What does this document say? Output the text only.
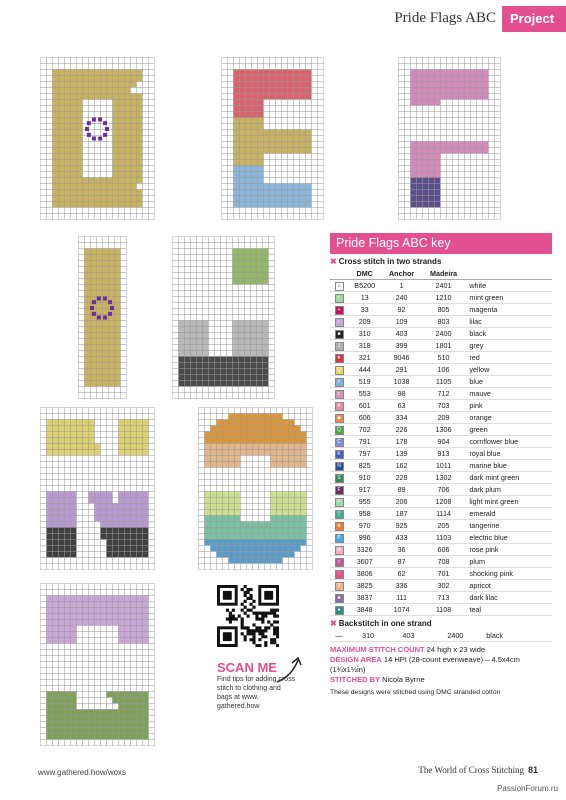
Pride Flags ABC	Project
Pride Flags ABC key
✖ Cross stitch in two strands
	DMC	Anchor	Madeira	
∩	B5200	1	2401	white
r	13	240	1210	mint green
+	33	92	805	magenta
÷	209	109	803	lilac
■	310	403	2400	black
J	318	399	1801	grey
♥	321	9046	510	red
Q	444	291	106	yellow
t	519	1038	1105	blue
c	553	98	712	mauve
K	601	63	703	pink
◆	606	334	209	orange
Q	702	226	1306	green
C	791	178	904	cornflower blue
K	797	139	913	royal blue
N	825	162	1011	marine blue
S	910	228	1302	dark mint green
F	917	89	706	dark plum
P	955	206	1208	light mint green
▽	958	187	1114	emerald
★	970	925	205	tangerine
P	996	433	1103	electric blue
w	3326	36	606	rose pink
☆	3607	87	708	plum
♡	3806	62	701	shocking pink
3	3825	336	302	apricot
♣	3837	111	713	dark lilac
♦	3848	1074	1108	teal
✖ Backstitch in one strand
—	310	403	2400	black
MAXIMUM STITCH COUNT 24 high x 23 wide
DESIGN AREA 14 HPI (28-count evenweave) – 4.5x4cm (1¾x1½in)
STITCHED BY Nicola Byrne
These designs were stitched using DMC stranded cotton
SCAN ME
Find tips for adding cross stitch to clothing and bags at www. gathered.how
www.gathered.how/woxs	The World of Cross Stitching 81
PassionForum.ru
